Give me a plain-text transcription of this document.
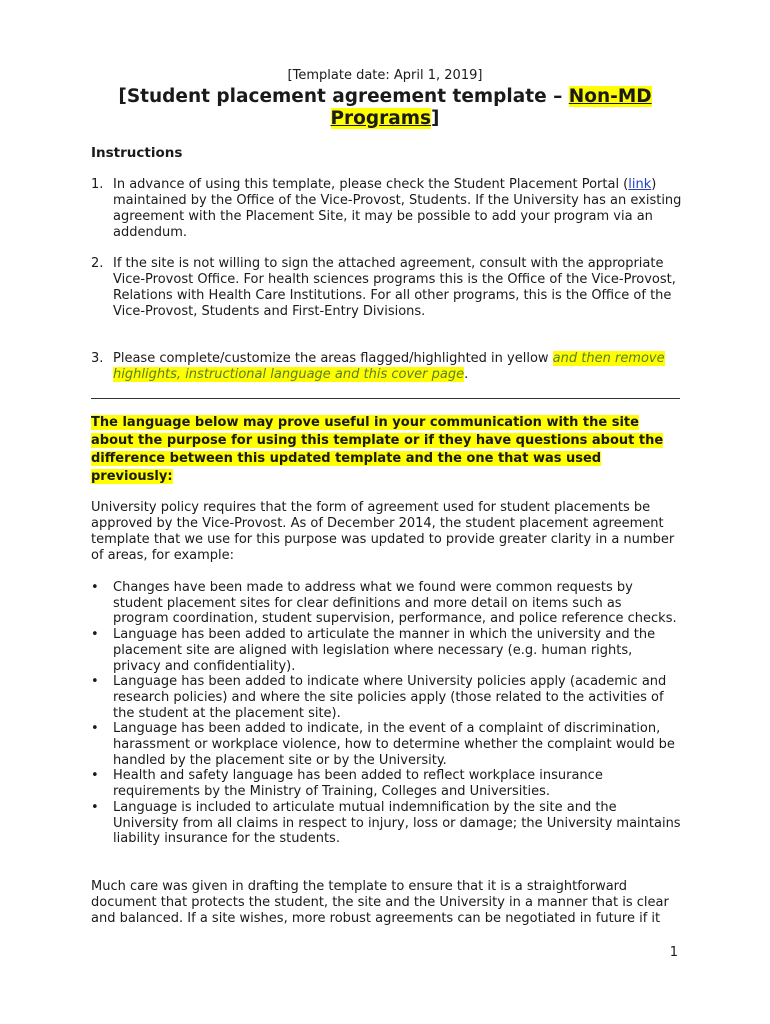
[Template date: April 1, 2019]
[Student placement agreement template – Non-MD Programs]
Instructions
1. In advance of using this template, please check the Student Placement Portal (link) maintained by the Office of the Vice-Provost, Students. If the University has an existing agreement with the Placement Site, it may be possible to add your program via an addendum.
2. If the site is not willing to sign the attached agreement, consult with the appropriate Vice-Provost Office. For health sciences programs this is the Office of the Vice-Provost, Relations with Health Care Institutions. For all other programs, this is the Office of the Vice-Provost, Students and First-Entry Divisions.
3. Please complete/customize the areas flagged/highlighted in yellow and then remove highlights, instructional language and this cover page.
The language below may prove useful in your communication with the site about the purpose for using this template or if they have questions about the difference between this updated template and the one that was used previously:
University policy requires that the form of agreement used for student placements be approved by the Vice-Provost. As of December 2014, the student placement agreement template that we use for this purpose was updated to provide greater clarity in a number of areas, for example:
• Changes have been made to address what we found were common requests by student placement sites for clear definitions and more detail on items such as program coordination, student supervision, performance, and police reference checks.
• Language has been added to articulate the manner in which the university and the placement site are aligned with legislation where necessary (e.g. human rights, privacy and confidentiality).
• Language has been added to indicate where University policies apply (academic and research policies) and where the site policies apply (those related to the activities of the student at the placement site).
• Language has been added to indicate, in the event of a complaint of discrimination, harassment or workplace violence, how to determine whether the complaint would be handled by the placement site or by the University.
• Health and safety language has been added to reflect workplace insurance requirements by the Ministry of Training, Colleges and Universities.
• Language is included to articulate mutual indemnification by the site and the University from all claims in respect to injury, loss or damage; the University maintains liability insurance for the students.
Much care was given in drafting the template to ensure that it is a straightforward document that protects the student, the site and the University in a manner that is clear and balanced. If a site wishes, more robust agreements can be negotiated in future if it
1
